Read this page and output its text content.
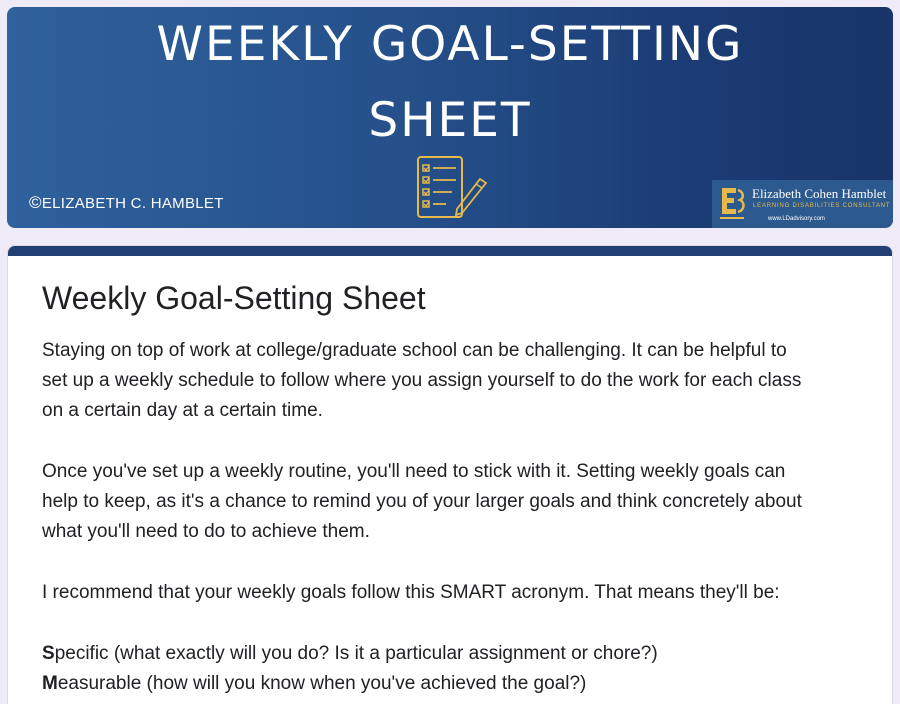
WEEKLY GOAL-SETTING
SHEET
©ELIZABETH C. HAMBLET
Elizabeth Cohen Hamblet
LEARNING DISABILITIES CONSULTANT
www.LDadvisory.com
Weekly Goal-Setting Sheet
Staying on top of work at college/graduate school can be challenging. It can be helpful to
set up a weekly schedule to follow where you assign yourself to do the work for each class
on a certain day at a certain time.
Once you've set up a weekly routine, you'll need to stick with it. Setting weekly goals can
help to keep, as it's a chance to remind you of your larger goals and think concretely about
what you'll need to do to achieve them.
I recommend that your weekly goals follow this SMART acronym. That means they'll be:
Specific (what exactly will you do? Is it a particular assignment or chore?)
Measurable (how will you know when you've achieved the goal?)
